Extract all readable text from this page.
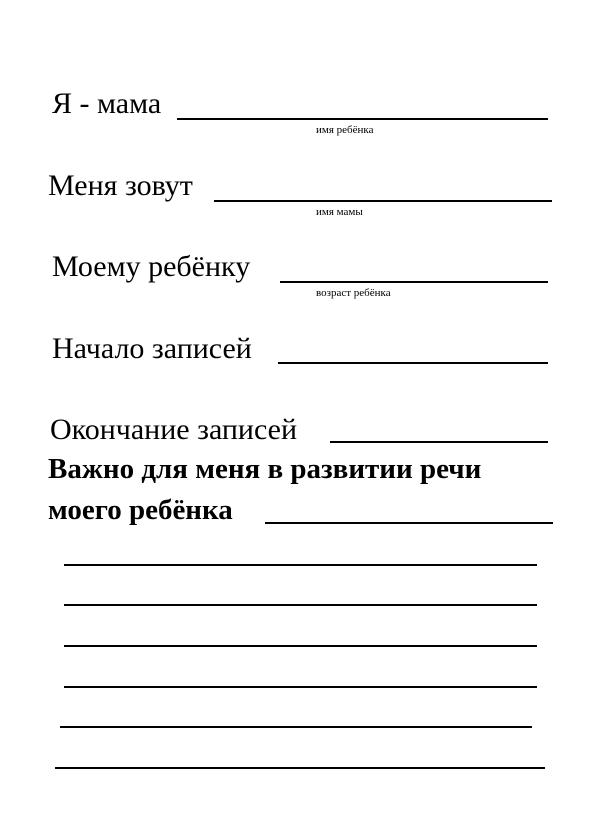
Я - мама
имя ребёнка
Меня зовут
имя мамы
Моему ребёнку
возраст ребёнка
Начало записей
Окончание записей
Важно для меня в развитии речи
моего ребёнка
